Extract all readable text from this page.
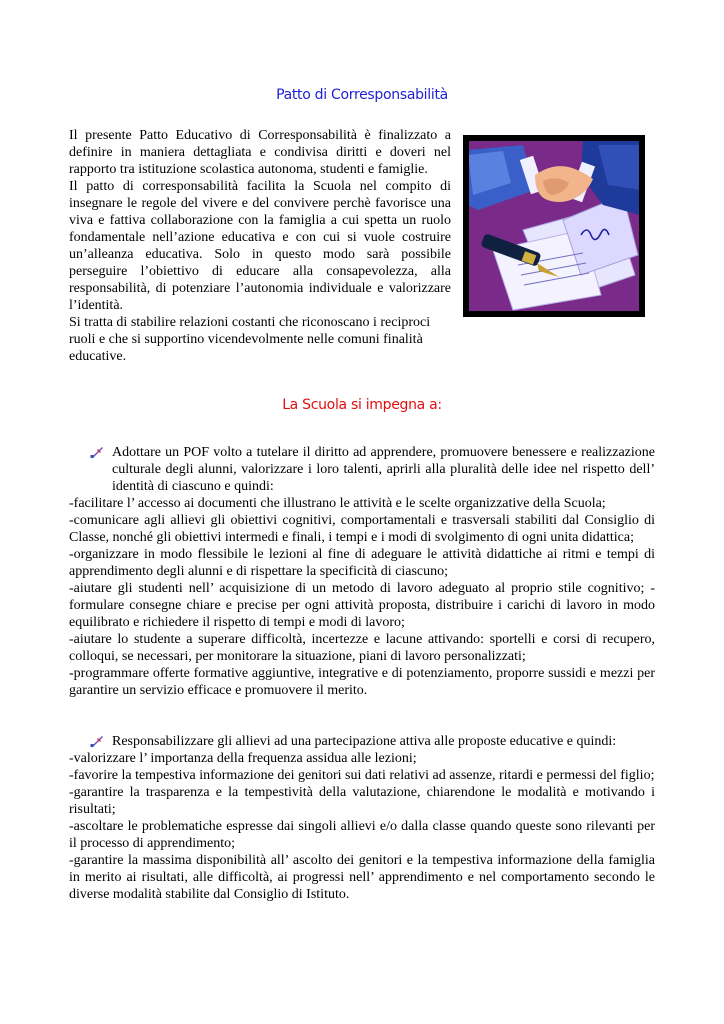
Patto di Corresponsabilità

Il presente Patto Educativo di Corresponsabilità è finalizzato a definire in maniera dettagliata e condivisa diritti e doveri nel rapporto tra istituzione scolastica autonoma, studenti e famiglie.

Il patto di corresponsabilità facilita la Scuola nel compito di insegnare le regole del vivere e del convivere perchè favorisce una viva e fattiva collaborazione con la famiglia a cui spetta un ruolo fondamentale nell’azione educativa e con cui si vuole costruire un’alleanza educativa. Solo in questo modo sarà possibile perseguire l’obiettivo di educare alla consapevolezza, alla responsabilità, di potenziare l’autonomia individuale e valorizzare l’identità.

Si tratta di stabilire relazioni costanti che riconoscano i reciproci ruoli e che si supportino vicendevolmente nelle comuni finalità educative.

La Scuola si impegna a:

Adottare un POF volto a tutelare il diritto ad apprendere, promuovere benessere e realizzazione culturale degli alunni, valorizzare i loro talenti, aprirli alla pluralità delle idee nel rispetto dell’ identità di ciascuno e quindi:

-facilitare l’ accesso ai documenti che illustrano le attività e le scelte organizzative della Scuola;

-comunicare agli allievi gli obiettivi cognitivi, comportamentali e trasversali stabiliti dal Consiglio di Classe, nonché gli obiettivi intermedi e finali, i tempi e i modi di svolgimento di ogni unita didattica;

-organizzare in modo flessibile le lezioni al fine di adeguare le attività didattiche ai ritmi e tempi di apprendimento degli alunni e di rispettare la specificità di ciascuno;

-aiutare gli studenti nell’ acquisizione di un metodo di lavoro adeguato al proprio stile cognitivo; -formulare consegne chiare e precise per ogni attività proposta, distribuire i carichi di lavoro in modo equilibrato e richiedere il rispetto di tempi e modi di lavoro;

-aiutare lo studente a superare difficoltà, incertezze e lacune attivando: sportelli e corsi di recupero, colloqui, se necessari, per monitorare la situazione, piani di lavoro personalizzati;

-programmare offerte formative aggiuntive, integrative e di potenziamento, proporre sussidi e mezzi per garantire un servizio efficace e promuovere il merito.

Responsabilizzare gli allievi ad una partecipazione attiva alle proposte educative e quindi:

-valorizzare l’ importanza della frequenza assidua alle lezioni;

-favorire la tempestiva informazione dei genitori sui dati relativi ad assenze, ritardi e permessi del figlio;

-garantire la trasparenza e la tempestività della valutazione, chiarendone le modalità e motivando i risultati;

-ascoltare le problematiche espresse dai singoli allievi e/o dalla classe quando queste sono rilevanti per il processo di apprendimento;

-garantire la massima disponibilità all’ ascolto dei genitori e la tempestiva informazione della famiglia in merito ai risultati, alle difficoltà, ai progressi nell’ apprendimento e nel comportamento secondo le diverse modalità stabilite dal Consiglio di Istituto.
